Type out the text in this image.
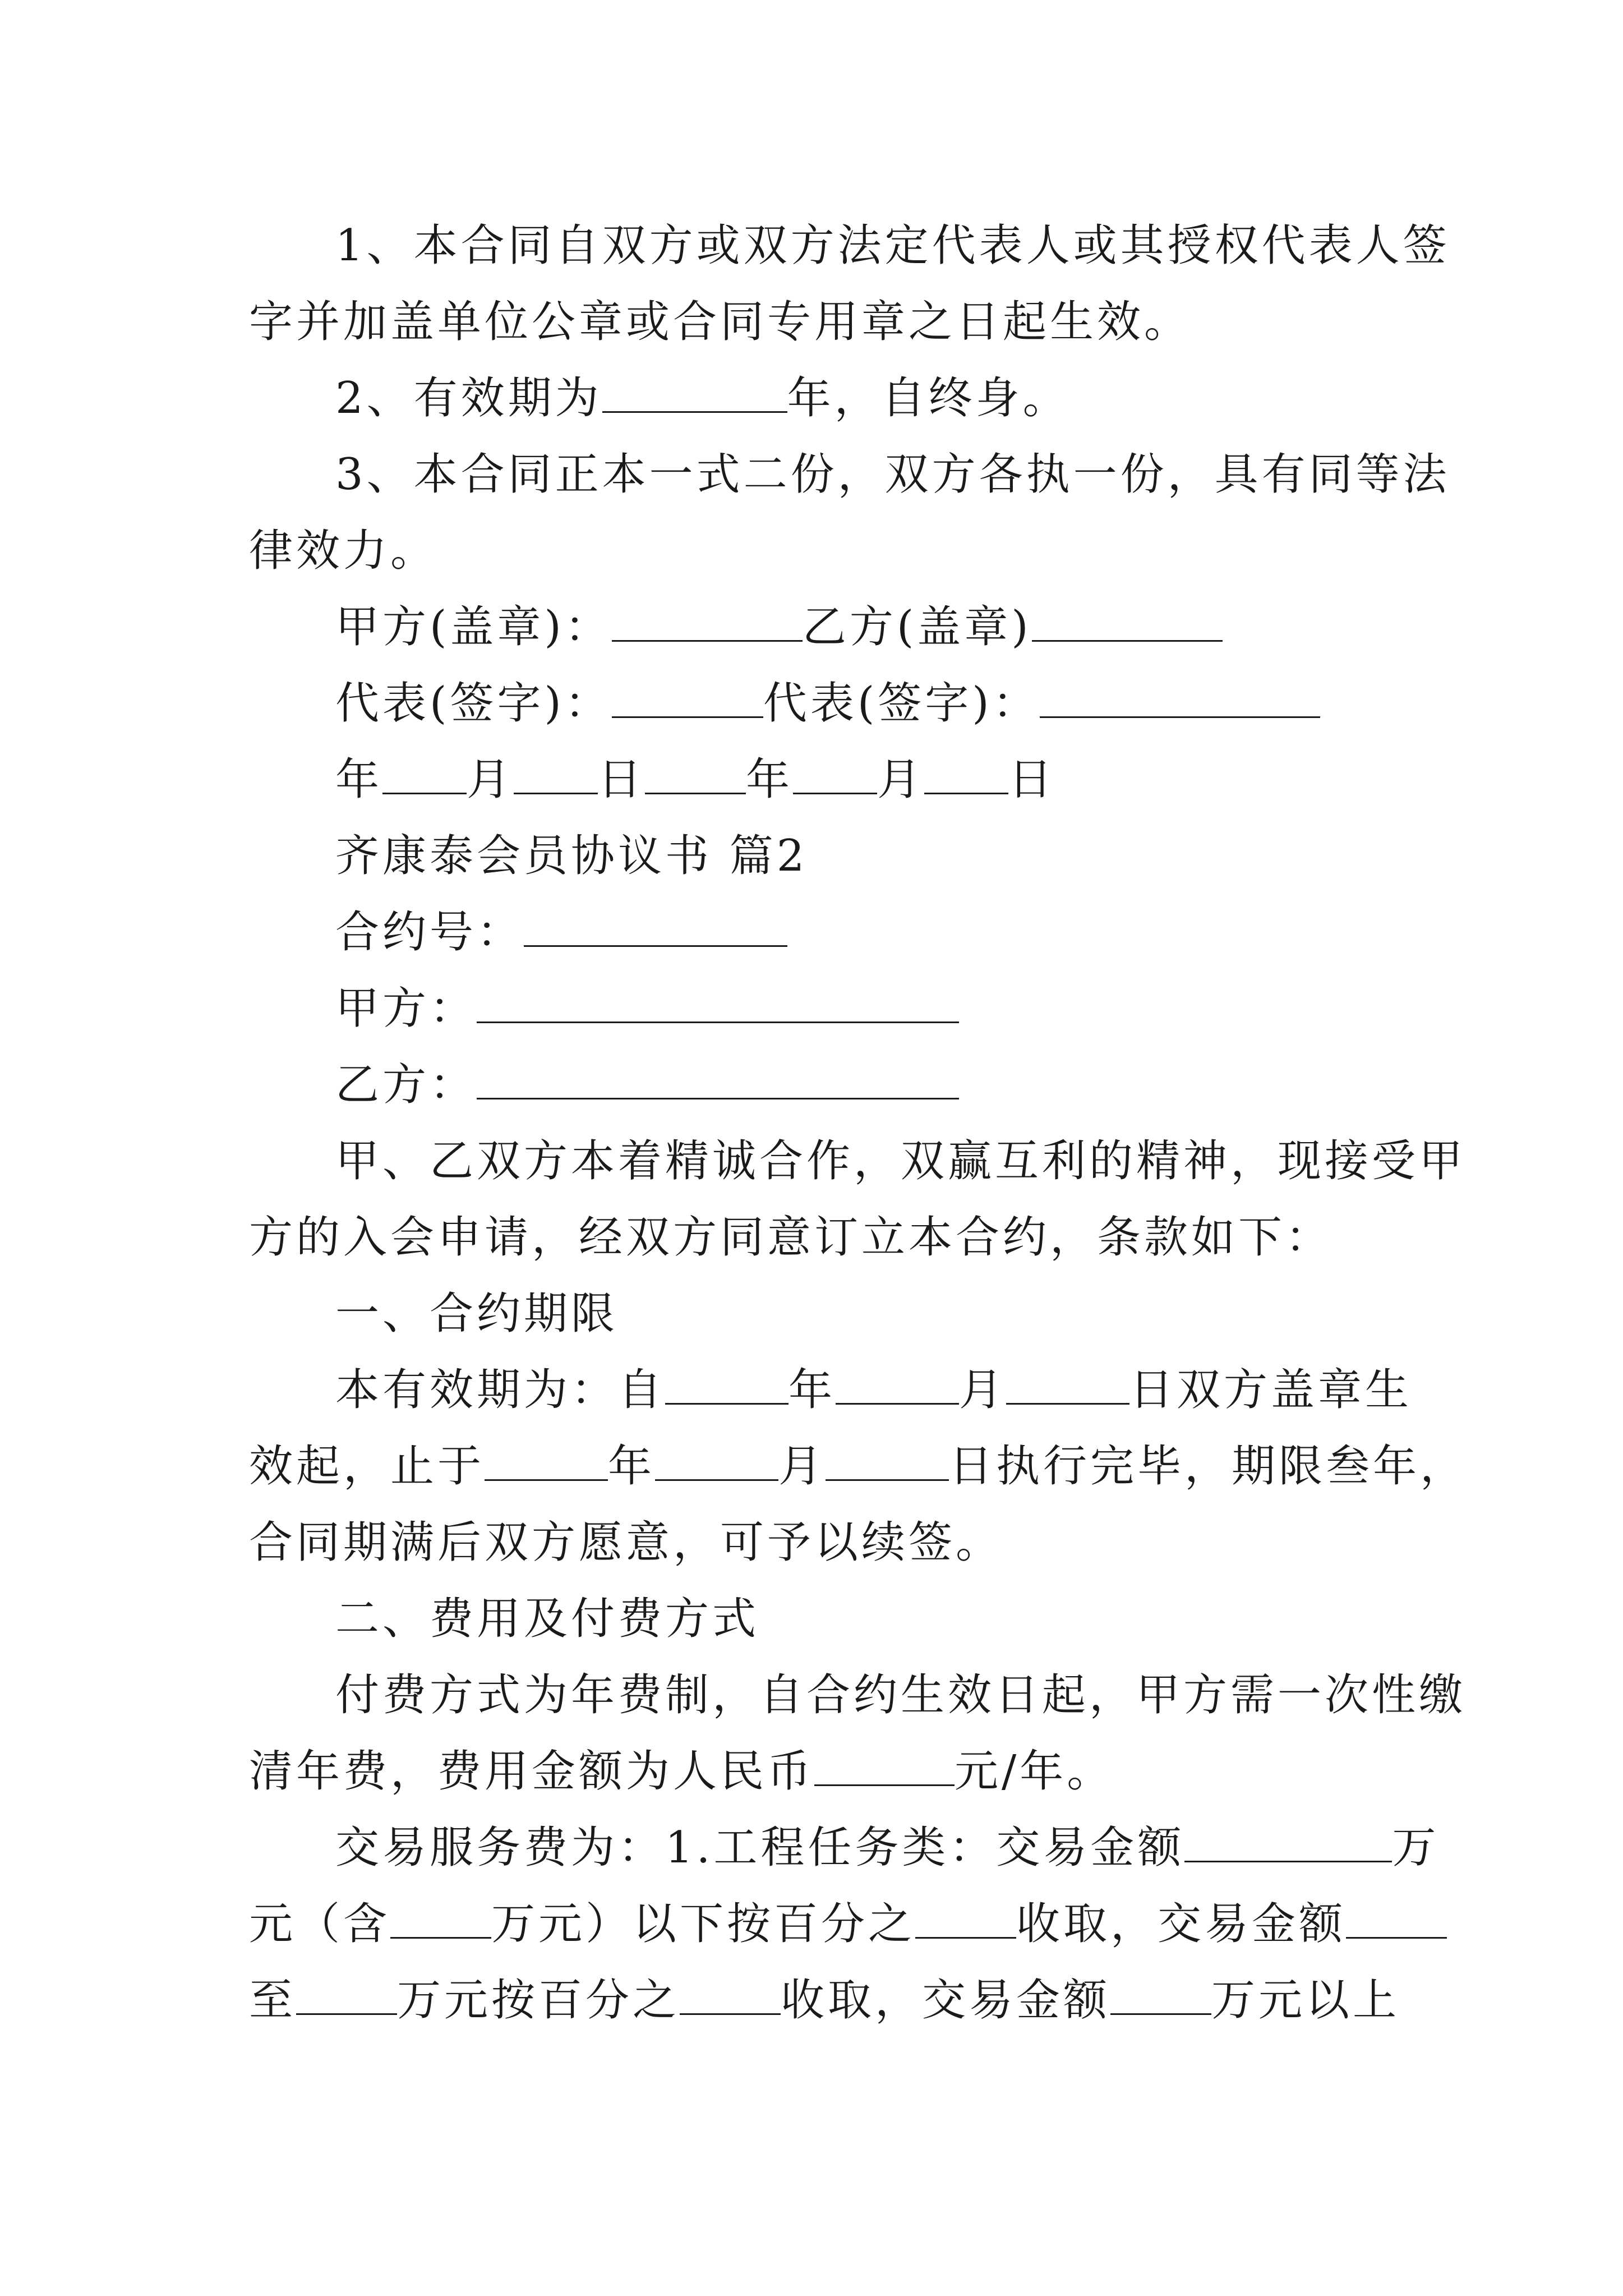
1、本合同自双方或双方法定代表人或其授权代表人签
字并加盖单位公章或合同专用章之日起生效。
2、有效期为	年，自终身。
3、本合同正本一式二份，双方各执一份，具有同等法
律效力。
甲方(盖章)：	乙方(盖章)
代表(签字)：	代表(签字)：
年 月 日 年 月 日
齐康泰会员协议书 篇2
合约号：
甲方：
乙方：
甲、乙双方本着精诚合作，双赢互利的精神，现接受甲
方的入会申请，经双方同意订立本合约，条款如下：
一、合约期限
本有效期为：自	年	月	日双方盖章生
效起，止于	年	月	日执行完毕，期限叁年，
合同期满后双方愿意，可予以续签。
二、费用及付费方式
付费方式为年费制，自合约生效日起，甲方需一次性缴
清年费，费用金额为人民币	元/年。
交易服务费为：1.工程任务类：交易金额	万
元（含 万元）以下按百分之 收取，交易金额
至 万元按百分之 收取，交易金额 万元以上
